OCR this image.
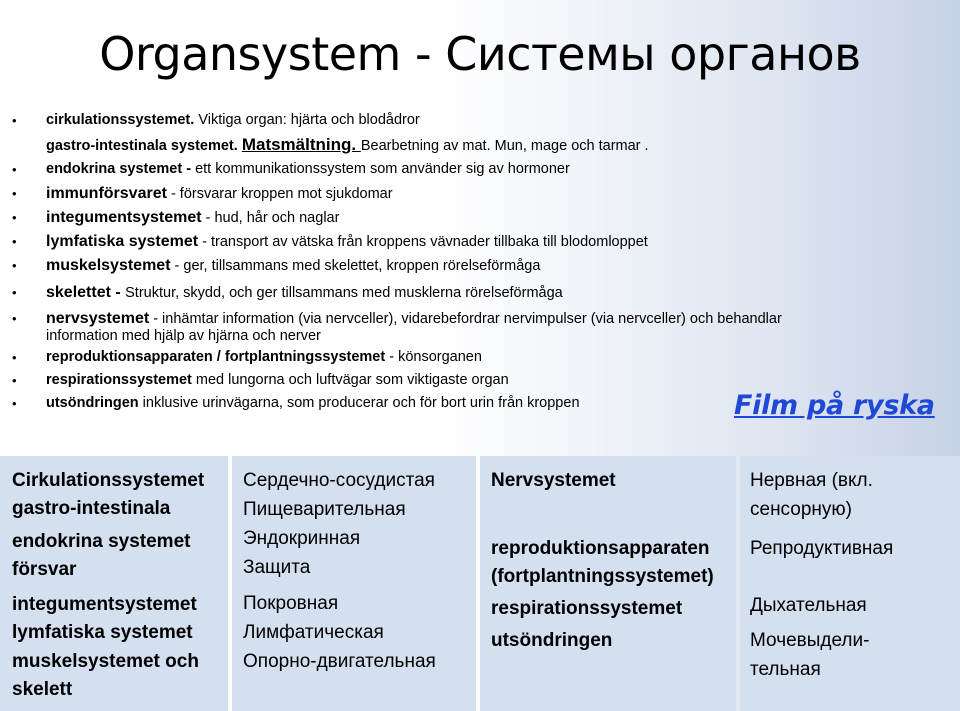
Organsystem - Системы органов
• cirkulationssystemet. Viktiga organ: hjärta och blodådror
gastro-intestinala systemet. Matsmältning. Bearbetning av mat. Mun, mage och tarmar .
• endokrina systemet - ett kommunikationssystem som använder sig av hormoner
• immunförsvaret - försvarar kroppen mot sjukdomar
• integumentsystemet - hud, hår och naglar
• lymfatiska systemet - transport av vätska från kroppens vävnader tillbaka till blodomloppet
• muskelsystemet - ger, tillsammans med skelettet, kroppen rörelseförmåga
• skelettet - Struktur, skydd, och ger tillsammans med musklerna rörelseförmåga
• nervsystemet - inhämtar information (via nervceller), vidarebefordrar nervimpulser (via nervceller) och behandlar
information med hjälp av hjärna och nerver
• reproduktionsapparaten / fortplantningssystemet - könsorganen
• respirationssystemet med lungorna och luftvägar som viktigaste organ
• utsöndringen inklusive urinvägarna, som producerar och för bort urin från kroppen	Film på ryska
Cirkulationssystemet
gastro-intestinala
endokrina systemet
försvar
integumentsystemet
lymfatiska systemet
muskelsystemet och
skelett
Сердечно-сосудистая
Пищеварительная
Эндокринная
Защита
Покровная
Лимфатическая
Опорно-двигательная
Nervsystemet
reproduktionsapparaten
(fortplantningssystemet)
respirationssystemet
utsöndringen
Нервная (вкл.
сенсорную)
Репродуктивная
Дыхательная
Мочевыдели-
тельная
